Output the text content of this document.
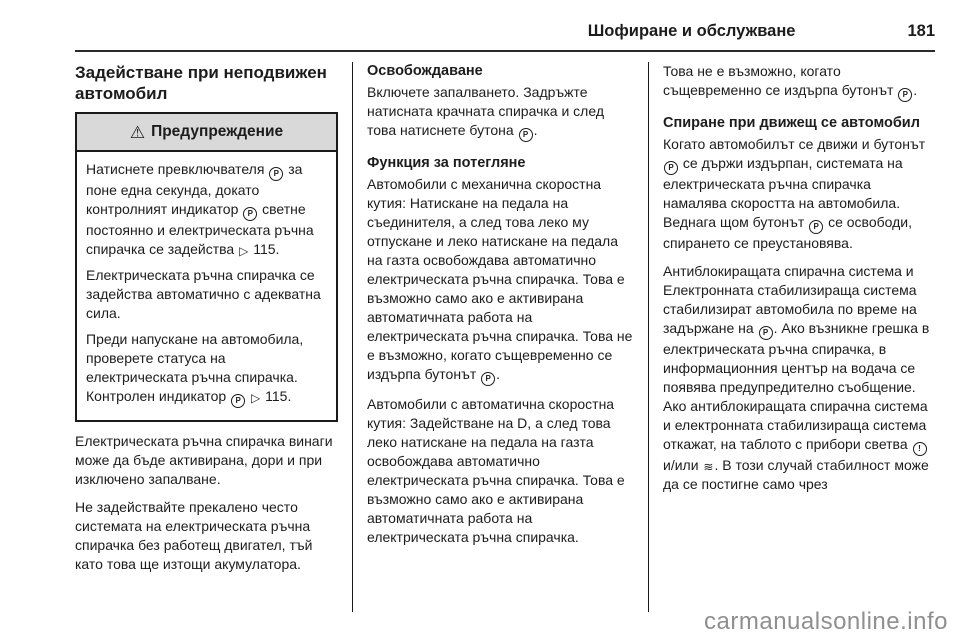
Шофиране и обслужване	181
Задействане при неподвижен автомобил
⚠ Предупреждение

Натиснете превключвателя P за поне една секунда, докато контролният индикатор P светне постоянно и електрическата ръчна спирачка се задейства ▷ 115.

Електрическата ръчна спирачка се задейства автоматично с адекватна сила.

Преди напускане на автомобила, проверете статуса на електрическата ръчна спирачка. Контролен индикатор P ▷ 115.

Електрическата ръчна спирачка винаги може да бъде активирана, дори и при изключено запалване.

Не задействайте прекалено често системата на електрическата ръчна спирачка без работещ двигател, тъй като това ще изтощи акумулатора.

Освобождаване

Включете запалването. Задръжте натисната крачната спирачка и след това натиснете бутона P .

Функция за потегляне

Автомобили с механична скоростна кутия: Натискане на педала на съединителя, а след това леко му отпускане и леко натискане на педала на газта освобождава автоматично електрическата ръчна спирачка. Това е възможно само ако е активирана автоматичната работа на електрическата ръчна спирачка. Това не е възможно, когато същевременно се издърпа бутонът P .

Автомобили с автоматична скоростна кутия: Задействане на D, а след това леко натискане на педала на газта освобождава автоматично електрическата ръчна спирачка. Това е възможно само ако е активирана автоматичната работа на електрическата ръчна спирачка.

Това не е възможно, когато същевременно се издърпа бутонът P .

Спиране при движещ се автомобил

Когато автомобилът се движи и бутонът P се държи издърпан, системата на електрическата ръчна спирачка намалява скоростта на автомобила. Веднага щом бутонът P се освободи, спирането се преустановява.

Антиблокиращата спирачна система и Електронната стабилизираща система стабилизират автомобила по време на задържане на P . Ако възникне грешка в електрическата ръчна спирачка, в информационния център на водача се появява предупредително съобщение. Ако антиблокиращата спирачна система и електронната стабилизираща система откажат, на таблото с прибори светва ! и/или ≋. В този случай стабилност може да се постигне само чрез

carmanualsonline.info
